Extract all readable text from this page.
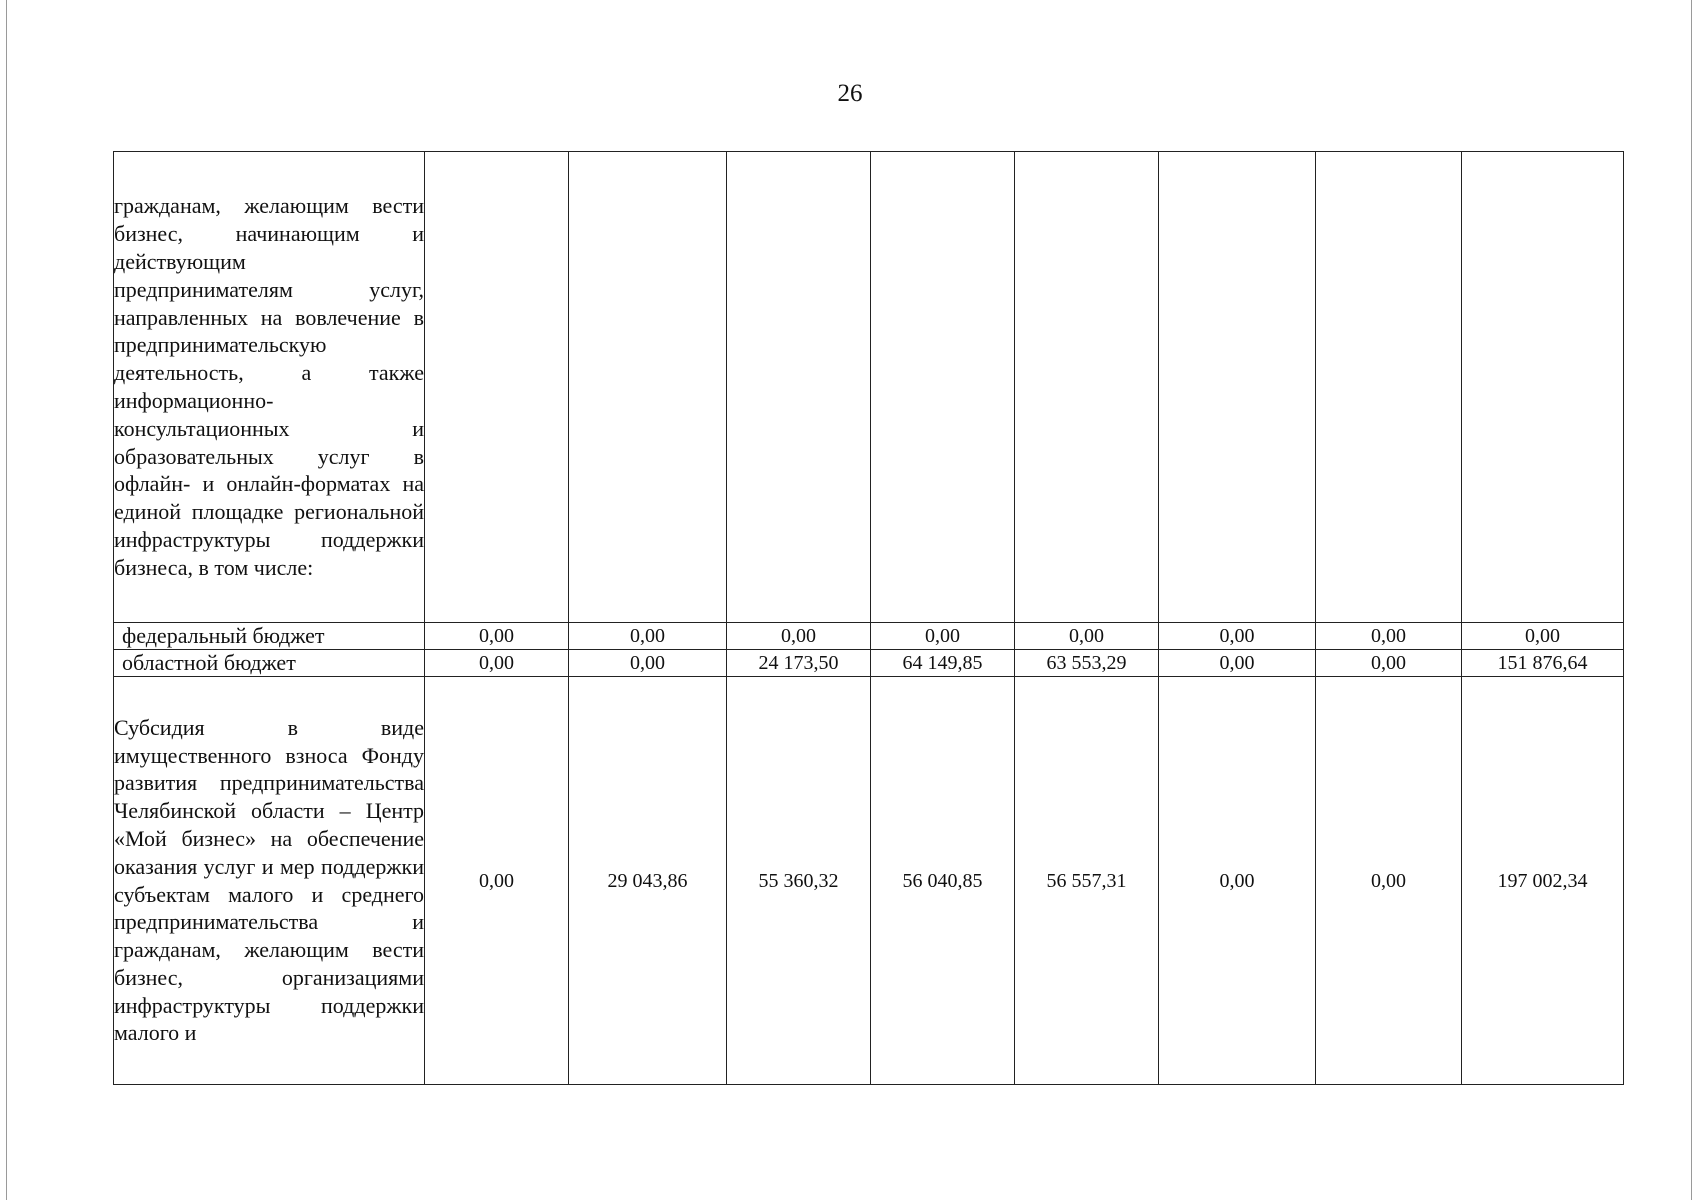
26
гражданам, желающим вести бизнес, начинающим и действующим предпринимателям услуг, направленных на вовлечение в предпринимательскую деятельность, а также информационно-консультационных и образовательных услуг в офлайн- и онлайн-форматах на единой площадке региональной инфраструктуры поддержки бизнеса, в том числе:								

федеральный бюджет	0,00	0,00	0,00	0,00	0,00	0,00	0,00	0,00
областной бюджет	0,00	0,00	24 173,50	64 149,85	63 553,29	0,00	0,00	151 876,64

Субсидия в виде имущественного взноса Фонду развития предпринимательства Челябинской области – Центр «Мой бизнес» на обеспечение оказания услуг и мер поддержки субъектам малого и среднего предпринимательства и гражданам, желающим вести бизнес, организациями инфраструктуры поддержки малого и	0,00	29 043,86	55 360,32	56 040,85	56 557,31	0,00	0,00	197 002,34
